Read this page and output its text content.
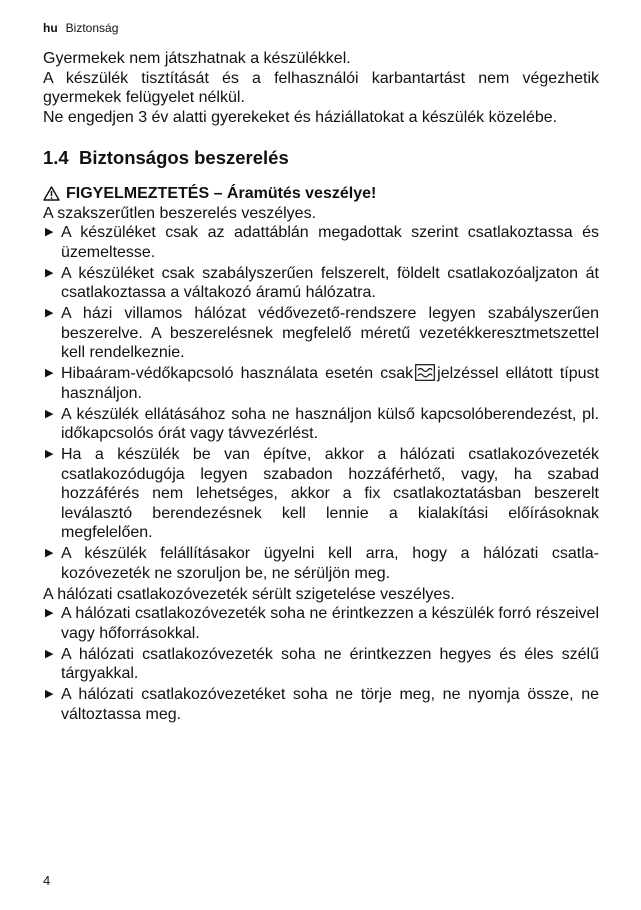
hu Biztonság

Gyermekek nem játszhatnak a készülékkel.

A készülék tisztítását és a felhasználói karbantartást nem végezhetik gyermekek felügyelet nélkül.

Ne engedjen 3 év alatti gyerekeket és háziállatokat a készülék közelébe.

1.4 Biztonságos beszerelés
FIGYELMEZTETÉS – Áramütés veszélye!

A szakszerűtlen beszerelés veszélyes.

▶ A készüléket csak az adattáblán megadottak szerint csatlakoztassa és üzemeltesse.
▶ A készüléket csak szabályszerűen felszerelt, földelt csatlakozóaljzaton át csatlakoztassa a váltakozó áramú hálózatra.
▶ A házi villamos hálózat védővezető-rendszere legyen szabályszerűen beszerelve. A beszerelésnek megfelelő méretű vezetékkeresztmetszettel kell rendelkeznie.
▶ Hibaáram-védőkapcsoló használata esetén csak jelzéssel ellátott típust használjon.
▶ A készülék ellátásához soha ne használjon külső kapcsolóberendezést, pl. időkapcsolós órát vagy távvezérlést.
▶ Ha a készülék be van építve, akkor a hálózati csatlakozóvezeték csatlakozódugója legyen szabadon hozzáférhető, vagy, ha szabad hozzáférés nem lehetséges, akkor a fix csatlakoztatásban beszerelt leválasztó berendezésnek kell lennie a kialakítási előírásoknak megfelelően.
▶ A készülék felállításakor ügyelni kell arra, hogy a hálózati csatlakozóvezeték ne szoruljon be, ne sérüljön meg.

A hálózati csatlakozóvezeték sérült szigetelése veszélyes.

▶ A hálózati csatlakozóvezeték soha ne érintkezzen a készülék forró részeivel vagy hőforrásokkal.
▶ A hálózati csatlakozóvezeték soha ne érintkezzen hegyes és éles szélű tárgyakkal.
▶ A hálózati csatlakozóvezetéket soha ne törje meg, ne nyomja össze, ne változtassa meg.
4
